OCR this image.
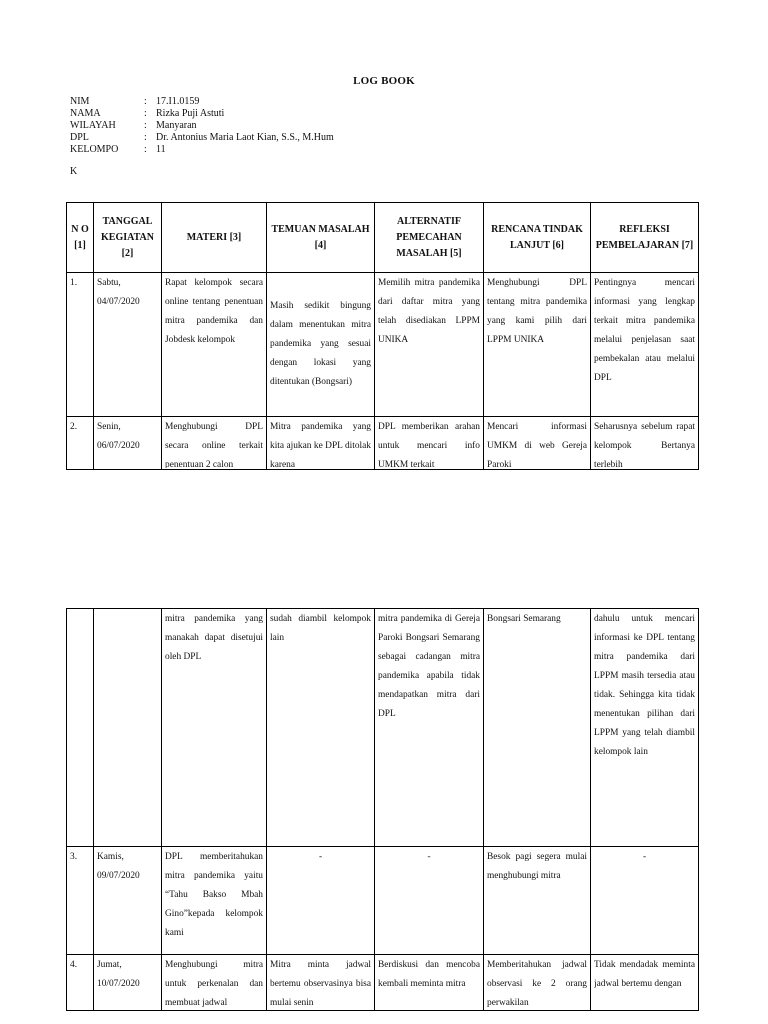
LOG BOOK
NIM	: 17.I1.0159
NAMA	: Rizka Puji Astuti
WILAYAH	: Manyaran
DPL	: Dr. Antonius Maria Laot Kian, S.S., M.Hum
KELOMPO	: 11
K
N O [1]	TANGGAL KEGIATAN [2]	MATERI [3]	TEMUAN MASALAH [4]	ALTERNATIF PEMECAHAN MASALAH [5]	RENCANA TINDAK LANJUT [6]	REFLEKSI PEMBELAJARAN [7]
1.	Sabtu, 04/07/2020	Rapat kelompok secara online tentang penentuan mitra pandemika dan Jobdesk kelompok	Masih sedikit bingung dalam menentukan mitra pandemika yang sesuai dengan lokasi yang ditentukan (Bongsari)	Memilih mitra pandemika dari daftar mitra yang telah disediakan LPPM UNIKA	Menghubungi DPL tentang mitra pandemika yang kami pilih dari LPPM UNIKA	Pentingnya mencari informasi yang lengkap terkait mitra pandemika melalui penjelasan saat pembekalan atau melalui DPL

2.	Senin, 06/07/2020	Menghubungi DPL secara online terkait penentuan 2 calon	Mitra pandemika yang kita ajukan ke DPL ditolak karena	DPL memberikan arahan untuk mencari info UMKM terkait	Mencari informasi UMKM di web Gereja Paroki	Seharusnya sebelum rapat kelompok Bertanya terlebih
		mitra pandemika yang manakah dapat disetujui oleh DPL	sudah diambil kelompok lain	mitra pandemika di Gereja Paroki Bongsari Semarang sebagai cadangan mitra pandemika apabila tidak mendapatkan mitra dari DPL	Bongsari Semarang	dahulu untuk mencari informasi ke DPL tentang mitra pandemika dari LPPM masih tersedia atau tidak. Sehingga kita tidak menentukan pilihan dari LPPM yang telah diambil kelompok lain
3.	Kamis, 09/07/2020	DPL memberitahukan mitra pandemika yaitu “Tahu Bakso Mbah Gino”kepada kelompok kami	-	-	Besok pagi segera mulai menghubungi mitra	-

4.	Jumat, 10/07/2020	Menghubungi mitra untuk perkenalan dan membuat jadwal	Mitra minta jadwal bertemu observasinya bisa mulai senin	Berdiskusi dan mencoba kembali meminta mitra	Memberitahukan jadwal observasi ke 2 orang perwakilan	Tidak mendadak meminta jadwal bertemu dengan
